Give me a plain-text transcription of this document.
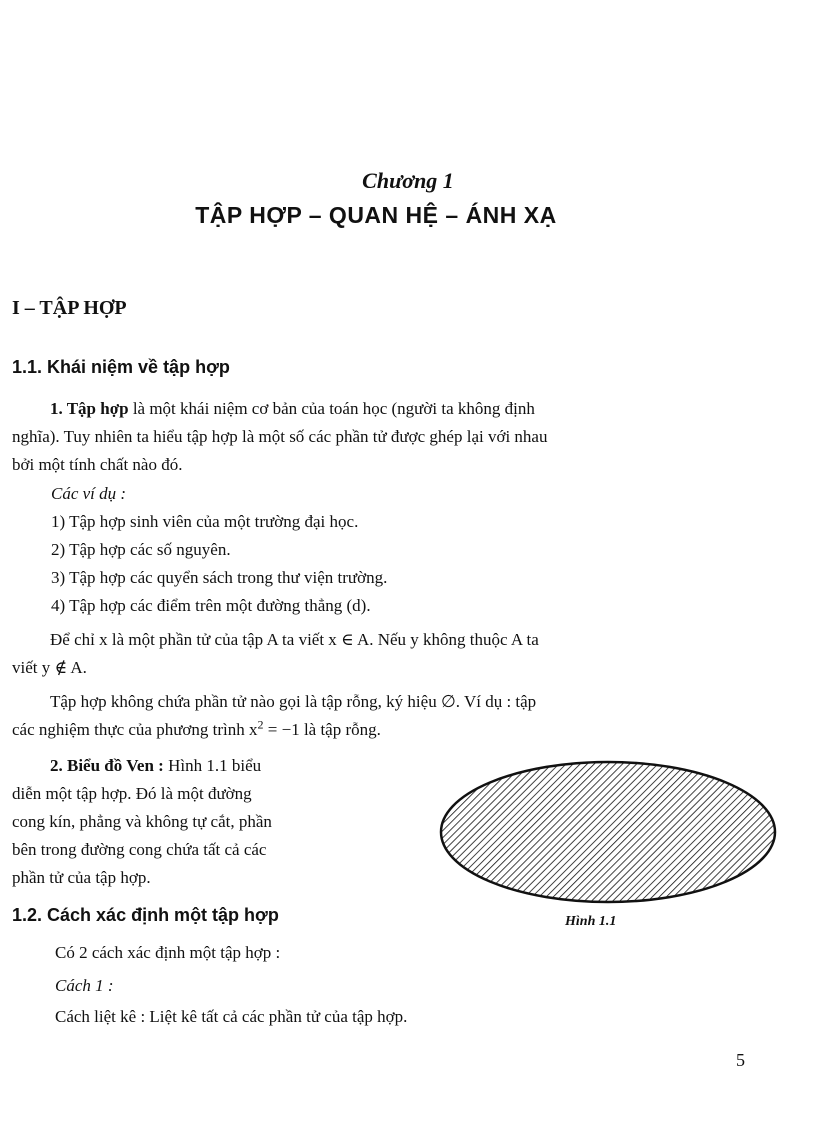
Chương 1
TẬP HỢP – QUAN HỆ – ÁNH XẠ
I – TẬP HỢP
1.1. Khái niệm về tập hợp
1. Tập hợp là một khái niệm cơ bản của toán học (người ta không định
nghĩa). Tuy nhiên ta hiểu tập hợp là một số các phần tử được ghép lại với nhau
bởi một tính chất nào đó.
Các ví dụ :
1) Tập hợp sinh viên của một trường đại học.
2) Tập hợp các số nguyên.
3) Tập hợp các quyển sách trong thư viện trường.
4) Tập hợp các điểm trên một đường thẳng (d).
Để chỉ x là một phần tử của tập A ta viết x ∈ A. Nếu y không thuộc A ta
viết y ∉ A.
Tập hợp không chứa phần tử nào gọi là tập rỗng, ký hiệu ∅. Ví dụ : tập
các nghiệm thực của phương trình $x^2 = -1$ là tập rỗng.
2. Biểu đồ Ven : Hình 1.1 biểu
diễn một tập hợp. Đó là một đường
cong kín, phẳng và không tự cắt, phần
bên trong đường cong chứa tất cả các
phần tử của tập hợp.
Hình 1.1
1.2. Cách xác định một tập hợp
Có 2 cách xác định một tập hợp :
Cách 1 :
Cách liệt kê : Liệt kê tất cả các phần tử của tập hợp.
5
